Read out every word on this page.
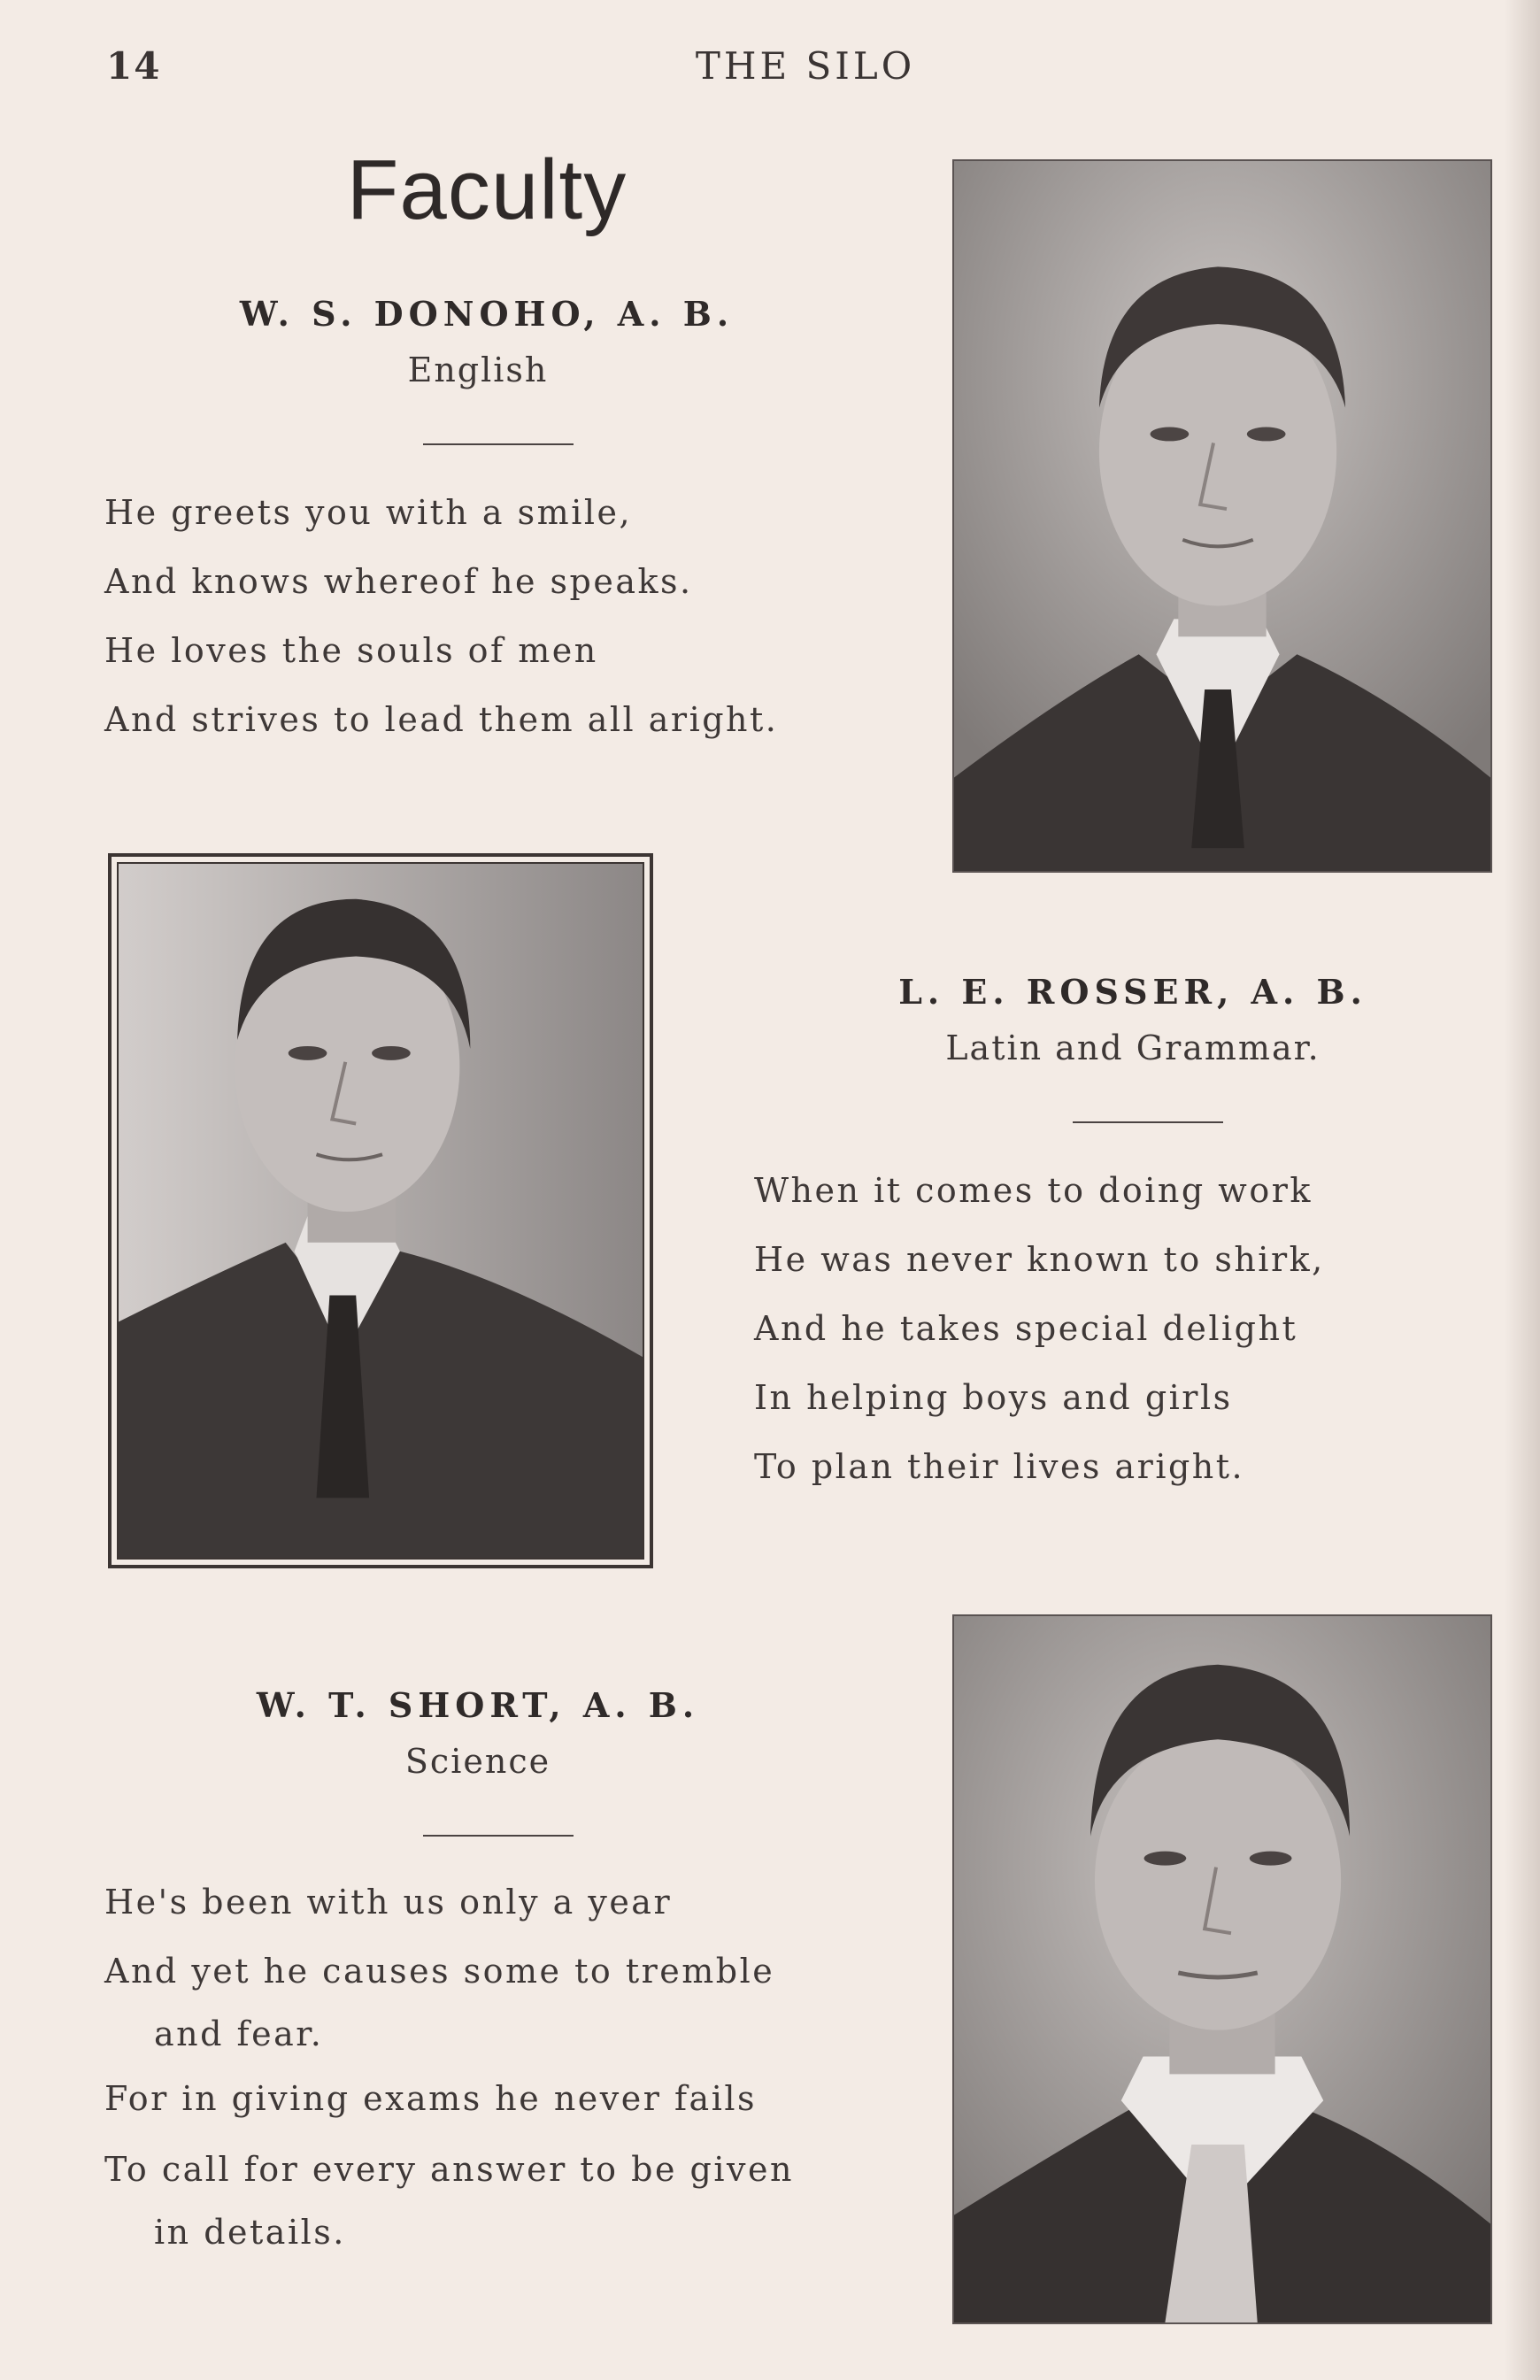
14	THE SILO
Faculty
W. S. DONOHO, A. B.
English
He greets you with a smile,
And knows whereof he speaks.
He loves the souls of men
And strives to lead them all aright.
L. E. ROSSER, A. B.
Latin and Grammar.
When it comes to doing work
He was never known to shirk,
And he takes special delight
In helping boys and girls
To plan their lives aright.
W. T. SHORT, A. B.
Science
He's been with us only a year
And yet he causes some to tremble
and fear.
For in giving exams he never fails
To call for every answer to be given
in details.
